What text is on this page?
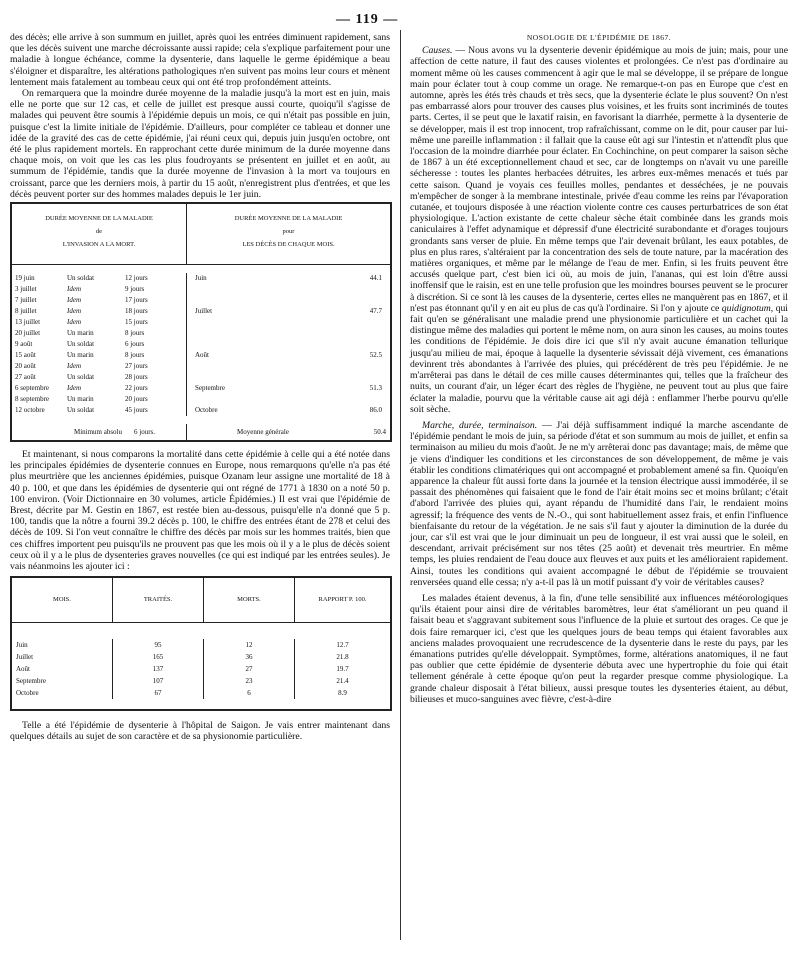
— 119 —

des décès; elle arrive à son summum en juillet, après quoi les entrées diminuent rapidement, sans que les décès suivent une marche décroissante aussi rapide; cela s'explique parfaitement pour une maladie à longue échéance, comme la dysenterie, dans laquelle le germe épidémique a beau s'éloigner et disparaître, les altérations pathologiques n'en suivent pas moins leur cours et mènent lentement mais fatalement au tombeau ceux qui ont été trop profondément atteints.

On remarquera que la moindre durée moyenne de la maladie jusqu'à la mort est en juin, mais elle ne porte que sur 12 cas, et celle de juillet est presque aussi courte, quoiqu'il s'agisse de malades qui peuvent être soumis à l'épidémie depuis un mois, ce qui n'était pas possible en juin, puisque c'est la limite initiale de l'épidémie. D'ailleurs, pour compléter ce tableau et donner une idée de la gravité des cas de cette épidémie, j'ai réuni ceux qui, depuis juin jusqu'en octobre, ont été le plus rapidement mortels. En rapprochant cette durée minimum de la durée moyenne dans chaque mois, on voit que les cas les plus foudroyants se présentent en juillet et en août, au summum de l'épidémie, tandis que la durée moyenne de l'invasion à la mort va toujours en croissant, parce que les derniers mois, à partir du 15 août, n'enregistrent plus d'entrées, et que les décès peuvent porter sur des hommes malades depuis le 1er juin.

DURÉE MOYENNE DE LA MALADIE
de
L'INVASION A LA MORT.
DURÉE MOYENNE DE LA MALADIE
pour
LES DÉCÈS DE CHAQUE MOIS.
19 juin	Un soldat	12 jours
3 juillet	Idem	9 jours
7 juillet	Idem	17 jours
8 juillet	Idem	18 jours
13 juillet	Idem	15 jours
20 juillet	Un marin	8 jours
9 août	Un soldat	6 jours
15 août	Un marin	8 jours
20 août	Idem	27 jours
27 août	Un soldat	28 jours
6 septembre	Idem	22 jours
8 septembre	Un marin	20 jours
12 octobre	Un soldat	45 jours
Juin	44.1
Juillet	47.7
Août	52.5
Septembre	51.3
Octobre	86.0
Minimum absolu	6 jours.	Moyenne générale	50.4

Et maintenant, si nous comparons la mortalité dans cette épidémie à celle qui a été notée dans les principales épidémies de dysenterie connues en Europe, nous remarquons qu'elle n'a pas été plus meurtrière que les anciennes épidémies, puisque Ozanam leur assigne une mortalité de 18 à 40 p. 100, et que dans les épidémies de dysenterie qui ont régné de 1771 à 1830 on a noté 50 p. 100 environ. (Voir Dictionnaire en 30 volumes, article Épidémies.) Il est vrai que l'épidémie de Brest, décrite par M. Gestin en 1867, est restée bien au-dessous, puisqu'elle n'a donné que 5 p. 100, tandis que la nôtre a fourni 39.2 décès p. 100, le chiffre des entrées étant de 278 et celui des décès de 109. Si l'on veut connaître le chiffre des décès par mois sur les hommes traités, bien que ces chiffres importent peu puisqu'ils ne prouvent pas que les mois où il y a le plus de décès soient ceux où il y a le plus de dysenteries graves nouvelles (ce qui est indiqué par les entrées seules). Je vais néanmoins les ajouter ici :

MOIS.	TRAITÉS.	MORTS.	RAPPORT P. 100.
Juin	95	12	12.7
Juillet	165	36	21.8
Août	137	27	19.7
Septembre	107	23	21.4
Octobre	67	6	8.9

Telle a été l'épidémie de dysenterie à l'hôpital de Saigon. Je vais entrer maintenant dans quelques détails au sujet de son caractère et de sa physionomie particulière.

NOSOLOGIE DE L'ÉPIDÉMIE DE 1867.

Causes. — Nous avons vu la dysenterie devenir épidémique au mois de juin; mais, pour une affection de cette nature, il faut des causes violentes et prolongées. Ce n'est pas d'ordinaire au moment même où les causes commencent à agir que le mal se développe, il se prépare de longue main pour éclater tout à coup comme un orage. Ne remarque-t-on pas en Europe que c'est en automne, après les étés très chauds et très secs, que la dysenterie éclate le plus souvent? On n'est pas embarrassé alors pour trouver des causes plus voisines, et les fruits sont incriminés de toutes parts. Certes, il se peut que le laxatif raisin, en favorisant la diarrhée, permette à la dysenterie de se développer, mais il est trop innocent, trop rafraîchissant, comme on le dit, pour causer par lui-même une pareille inflammation : il fallait que la cause eût agi sur l'intestin et n'attendît plus que l'occasion de la moindre diarrhée pour éclater. En Cochinchine, on peut comparer la saison sèche de 1867 à un été exceptionnellement chaud et sec, car de longtemps on n'avait vu une pareille sécheresse : toutes les plantes herbacées détruites, les arbres eux-mêmes menacés et tués par cette saison. Quand je voyais ces feuilles molles, pendantes et desséchées, je ne pouvais m'empêcher de songer à la membrane intestinale, privée d'eau comme les reins par l'évaporation cutanée, et toujours disposée à une réaction violente contre ces causes perturbatrices de son état physiologique. L'action existante de cette chaleur sèche était combinée dans les grands mois caniculaires à l'effet adynamique et dépressif d'une électricité surabondante et d'orages toujours grondants sans verser de pluie. En même temps que l'air devenait brûlant, les eaux potables, de plus en plus rares, s'altéraient par la concentration des sels de toute nature, par la macération des matières organiques, et même par le mélange de l'eau de mer. Enfin, si les fruits peuvent être accusés quelque part, c'est bien ici où, au mois de juin, l'ananas, qui est loin d'être aussi inoffensif que le raisin, est en une telle profusion que les moindres bourses peuvent se le procurer à discrétion. Si ce sont là les causes de la dysenterie, certes elles ne manquèrent pas en 1867, et il n'est pas étonnant qu'il y en ait eu plus de cas qu'à l'ordinaire. Si l'on y ajoute ce quidignotum, qui fait qu'en se généralisant une maladie prend une physionomie particulière et un cachet qui la distingue même des maladies qui portent le même nom, on aura sinon les causes, au moins toutes les conditions de l'épidémie. Je dois dire ici que s'il n'y avait aucune émanation tellurique jusqu'au milieu de mai, époque à laquelle la dysenterie sévissait déjà vivement, ces émanations devinrent très abondantes à l'arrivée des pluies, qui précédèrent de très peu l'épidémie. Je ne m'arrêterai pas dans le détail de ces mille causes déterminantes qui, telles que la fraîcheur des nuits, un courant d'air, un léger écart des règles de l'hygiène, ne peuvent tout au plus que faire éclater la maladie, pourvu que la véritable cause ait agi déjà : enflammer l'herbe pourvu qu'elle soit sèche.

Marche, durée, terminaison. — J'ai déjà suffisamment indiqué la marche ascendante de l'épidémie pendant le mois de juin, sa période d'état et son summum au mois de juillet, et enfin sa terminaison au milieu du mois d'août. Je ne m'y arrêterai donc pas davantage; mais, de même que je viens d'indiquer les conditions et les circonstances de son développement, de même je vais établir les conditions climatériques qui ont accompagné et probablement amené sa fin. Quoiqu'en apparence la chaleur fût aussi forte dans la journée et la tension électrique aussi immodérée, il se passait des phénomènes qui faisaient que le fond de l'air était moins sec et moins brûlant; c'était d'abord l'arrivée des pluies qui, ayant répandu de l'humidité dans l'air, le rendaient moins agressif; la fréquence des vents de N.-O., qui sont habituellement assez frais, et enfin l'influence bienfaisante du retour de la végétation. Je ne sais s'il faut y ajouter la diminution de la durée du jour, car s'il est vrai que le jour diminuait un peu de longueur, il est vrai aussi que le soleil, en descendant, arrivait précisément sur nos têtes (25 août) et devenait très meurtrier. En même temps, les pluies rendaient de l'eau douce aux fleuves et aux puits et les amélioraient rapidement. Ainsi, toutes les conditions qui avaient accompagné le début de l'épidémie se trouvaient renversées quand elle cessa; n'y a-t-il pas là un motif puissant d'y voir de véritables causes?

Les malades étaient devenus, à la fin, d'une telle sensibilité aux influences météorologiques qu'ils étaient pour ainsi dire de véritables baromètres, leur état s'améliorant un peu quand il faisait beau et s'aggravant subitement sous l'influence de la pluie et surtout des orages. Ce que je dois faire remarquer ici, c'est que les quelques jours de beau temps qui étaient favorables aux anciens malades provoquaient une recrudescence de la dysenterie dans le reste du pays, par les émanations putrides qu'elle développait. Symptômes, forme, altérations anatomiques, il ne faut pas oublier que cette épidémie de dysenterie débuta avec une hypertrophie du foie qui était tellement générale à cette époque qu'on peut la regarder presque comme physiologique. La grande chaleur disposait à l'état bilieux, aussi presque toutes les dysenteries étaient, au début, bilieuses et muco-sanguines avec fièvre, c'est-à-dire
